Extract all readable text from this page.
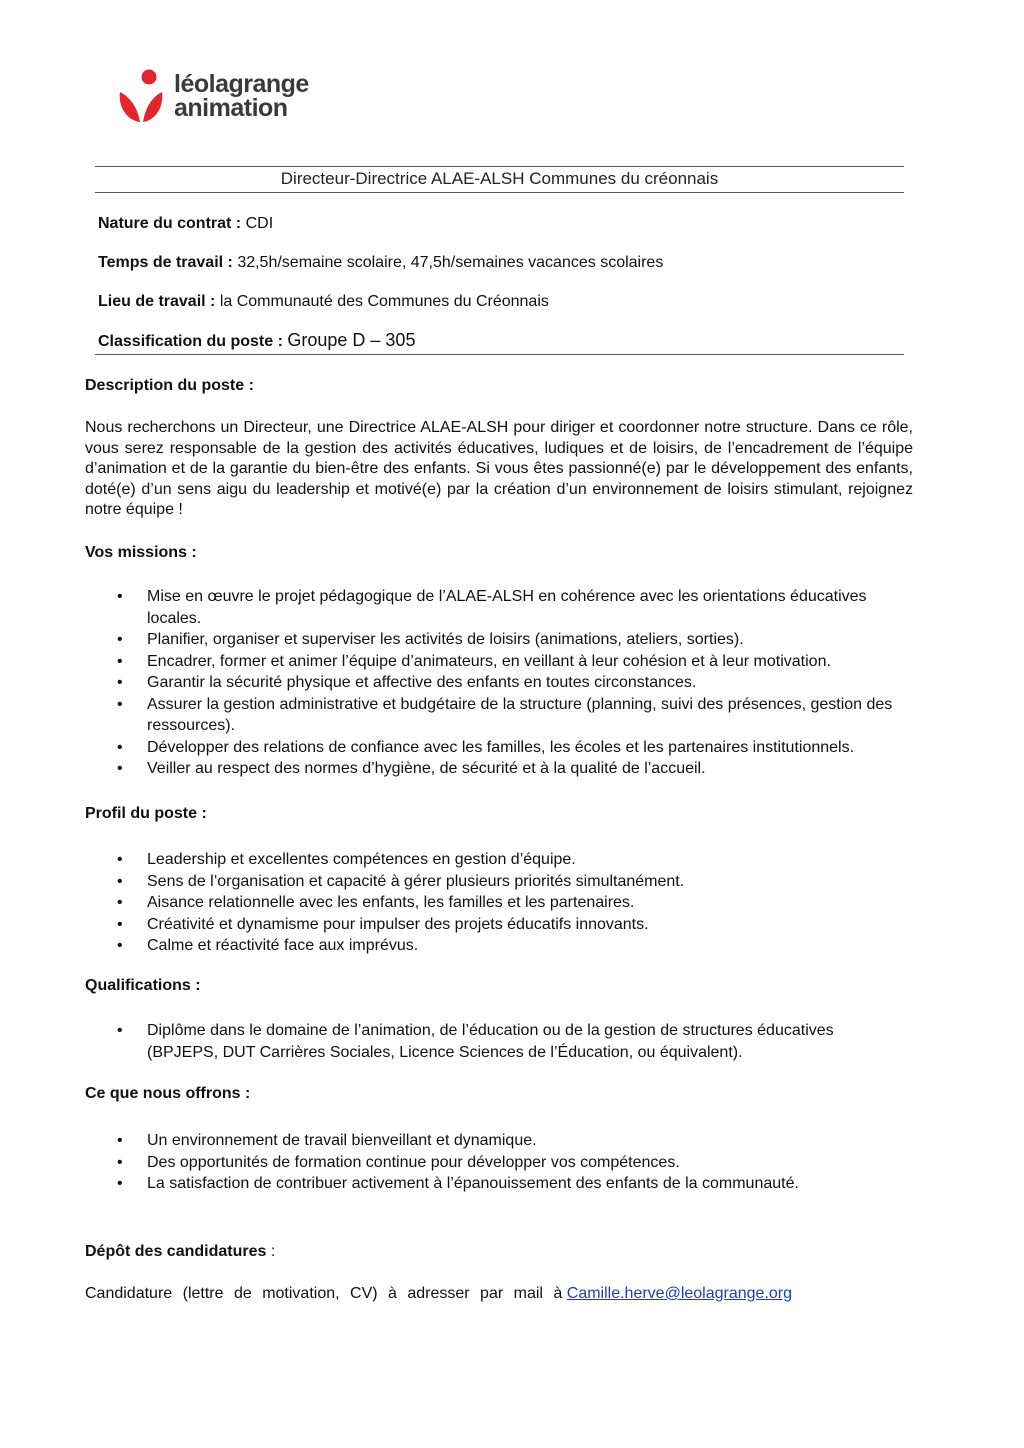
léolagrange
animation
Directeur-Directrice ALAE-ALSH Communes du créonnais
Nature du contrat : CDI
Temps de travail : 32,5h/semaine scolaire, 47,5h/semaines vacances scolaires
Lieu de travail : la Communauté des Communes du Créonnais
Classification du poste : Groupe D – 305
Description du poste :
Nous recherchons un Directeur, une Directrice ALAE-ALSH pour diriger et coordonner notre structure. Dans ce rôle, vous serez responsable de la gestion des activités éducatives, ludiques et de loisirs, de l’encadrement de l’équipe d’animation et de la garantie du bien-être des enfants. Si vous êtes passionné(e) par le développement des enfants, doté(e) d’un sens aigu du leadership et motivé(e) par la création d’un environnement de loisirs stimulant, rejoignez notre équipe !
Vos missions :
• Mise en œuvre le projet pédagogique de l’ALAE-ALSH en cohérence avec les orientations éducatives locales.
• Planifier, organiser et superviser les activités de loisirs (animations, ateliers, sorties).
• Encadrer, former et animer l’équipe d’animateurs, en veillant à leur cohésion et à leur motivation.
• Garantir la sécurité physique et affective des enfants en toutes circonstances.
• Assurer la gestion administrative et budgétaire de la structure (planning, suivi des présences, gestion des ressources).
• Développer des relations de confiance avec les familles, les écoles et les partenaires institutionnels.
• Veiller au respect des normes d’hygiène, de sécurité et à la qualité de l’accueil.
Profil du poste :
• Leadership et excellentes compétences en gestion d’équipe.
• Sens de l’organisation et capacité à gérer plusieurs priorités simultanément.
• Aisance relationnelle avec les enfants, les familles et les partenaires.
• Créativité et dynamisme pour impulser des projets éducatifs innovants.
• Calme et réactivité face aux imprévus.
Qualifications :
• Diplôme dans le domaine de l’animation, de l’éducation ou de la gestion de structures éducatives (BPJEPS, DUT Carrières Sociales, Licence Sciences de l’Éducation, ou équivalent).
Ce que nous offrons :
• Un environnement de travail bienveillant et dynamique.
• Des opportunités de formation continue pour développer vos compétences.
• La satisfaction de contribuer activement à l’épanouissement des enfants de la communauté.
Dépôt des candidatures :
Candidature (lettre de motivation, CV) à adresser par mail à Camille.herve@leolagrange.org
